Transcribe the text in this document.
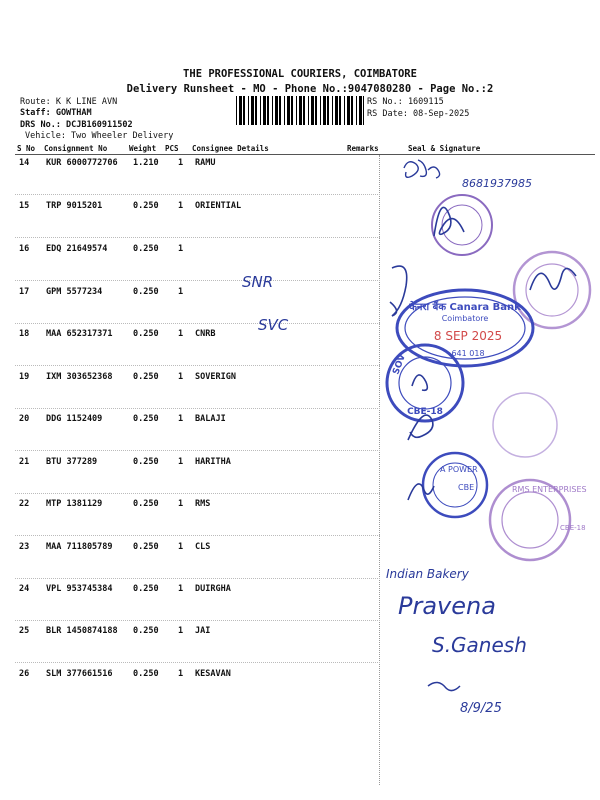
THE PROFESSIONAL COURIERS, COIMBATORE
Delivery Runsheet - MO - Phone No.:9047080280 - Page No.:2
Route: K K LINE AVN
Staff: GOWTHAM
DRS No.: DCJB160911502
Vehicle: Two Wheeler Delivery
RS No.: 1609115
RS Date: 08-Sep-2025
S No Consignment No	Weight PCS Consignee Details	Remarks	Seal & Signature
14 KUR 6000772706 1.210 1 RAMU
15 TRP 9015201	0.250 1 ORIENTIAL
16 EDQ 21649574	0.250 1
17 GPM 5577234	0.250 1
18 MAA 652317371 0.250 1 CNRB
19 IXM 303652368 0.250 1 SOVERIGN
20 DDG 1152409	0.250 1 BALAJI
21 BTU 377289	0.250 1 HARITHA
22 MTP 1381129	0.250 1 RMS
23 MAA 711805789 0.250 1 CLS
24 VPL 953745384 0.250 1 DUIRGHA
25 BLR 1450874188 0.250 1 JAI
26 SLM 377661516 0.250 1 KESAVAN
8681937985
SNR
SVC
केनरा बैंक Canara Bank
Coimbatore
8 SEP 2025
641 018
SOV
CBE-18
A POWER
CBE	RMS ENTERPRISES
CBE-18
Indian Bakery
Pravena
S.Ganesh
8/9/25
